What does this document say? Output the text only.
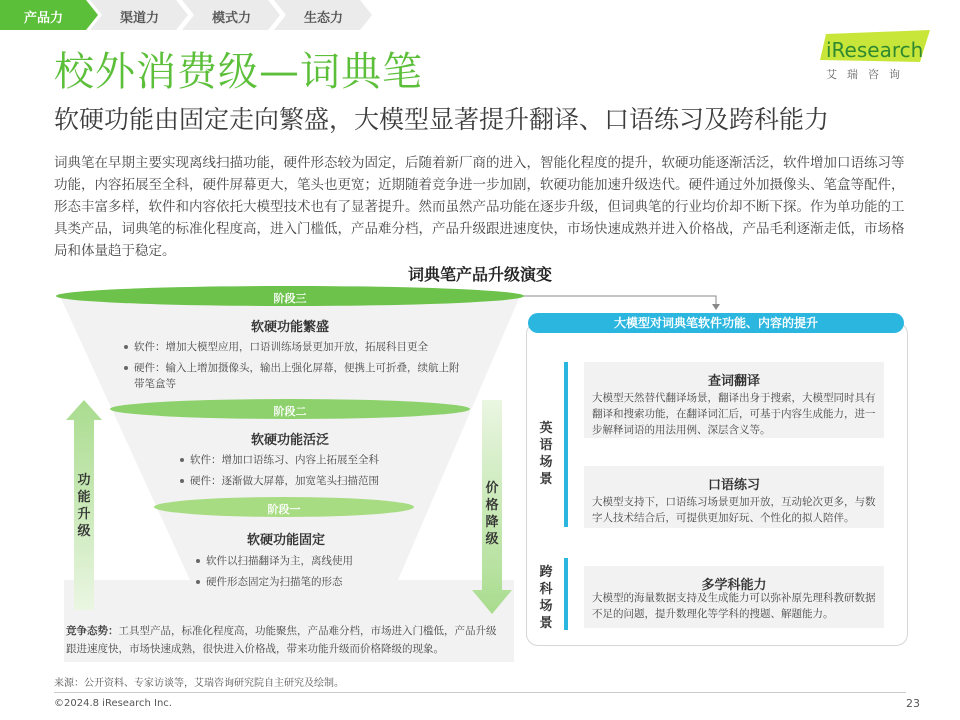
产品力	渠道力	模式力	生态力
iResearch
艾瑞咨询
校外消费级—词典笔
软硬功能由固定走向繁盛，大模型显著提升翻译、口语练习及跨科能力
词典笔在早期主要实现离线扫描功能，硬件形态较为固定，后随着新厂商的进入，智能化程度的提升，软硬功能逐渐活泛，软件增加口语练习等功能，内容拓展至全科，硬件屏幕更大，笔头也更宽；近期随着竞争进一步加剧，软硬功能加速升级迭代。硬件通过外加摄像头、笔盒等配件，形态丰富多样，软件和内容依托大模型技术也有了显著提升。然而虽然产品功能在逐步升级，但词典笔的行业均价却不断下探。作为单功能的工具类产品，词典笔的标准化程度高，进入门槛低，产品难分档，产品升级跟进速度快，市场快速成熟并进入价格战，产品毛利逐渐走低，市场格局和体量趋于稳定。
词典笔产品升级演变
阶段三
阶段二
阶段一
软硬功能繁盛
软件：增加大模型应用，口语训练场景更加开放，拓展科目更全
硬件：输入上增加摄像头，输出上强化屏幕，便携上可折叠，续航上附带笔盒等
软硬功能活泛
软件：增加口语练习、内容上拓展至全科
硬件：逐渐做大屏幕，加宽笔头扫描范围
软硬功能固定
软件以扫描翻译为主，离线使用
硬件形态固定为扫描笔的形态
功能升级
价格降级
竞争态势：工具型产品，标准化程度高，功能聚焦，产品难分档，市场进入门槛低，产品升级跟进速度快，市场快速成熟，很快进入价格战，带来功能升级而价格降级的现象。
大模型对词典笔软件功能、内容的提升
英语场景
跨科场景
查词翻译
大模型天然替代翻译场景，翻译出身于搜索，大模型同时具有翻译和搜索功能，在翻译词汇后，可基于内容生成能力，进一步解释词语的用法用例、深层含义等。
口语练习
大模型支持下，口语练习场景更加开放，互动轮次更多，与数字人技术结合后，可提供更加好玩、个性化的拟人陪伴。
多学科能力
大模型的海量数据支持及生成能力可以弥补原先理科教研数据不足的问题，提升数理化等学科的搜题、解题能力。
来源：公开资料、专家访谈等，艾瑞咨询研究院自主研究及绘制。
©2024.8 iResearch Inc.	23
